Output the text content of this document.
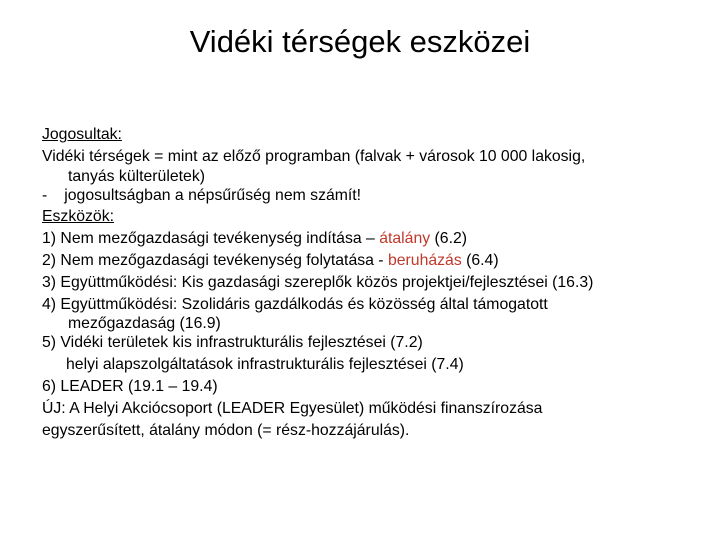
Vidéki térségek eszközei
Jogosultak:
Vidéki térségek = mint az előző programban (falvak + városok 10 000 lakosig,
tanyás külterületek)
- jogosultságban a népsűrűség nem számít!
Eszközök:
1) Nem mezőgazdasági tevékenység indítása – átalány (6.2)
2) Nem mezőgazdasági tevékenység folytatása - beruházás (6.4)
3) Együttműködési: Kis gazdasági szereplők közös projektjei/fejlesztései (16.3)
4) Együttműködési: Szolidáris gazdálkodás és közösség által támogatott
mezőgazdaság (16.9)
5) Vidéki területek kis infrastrukturális fejlesztései (7.2)
helyi alapszolgáltatások infrastrukturális fejlesztései (7.4)
6) LEADER (19.1 – 19.4)
ÚJ: A Helyi Akciócsoport (LEADER Egyesület) működési finanszírozása
egyszerűsített, átalány módon (= rész-hozzájárulás).
